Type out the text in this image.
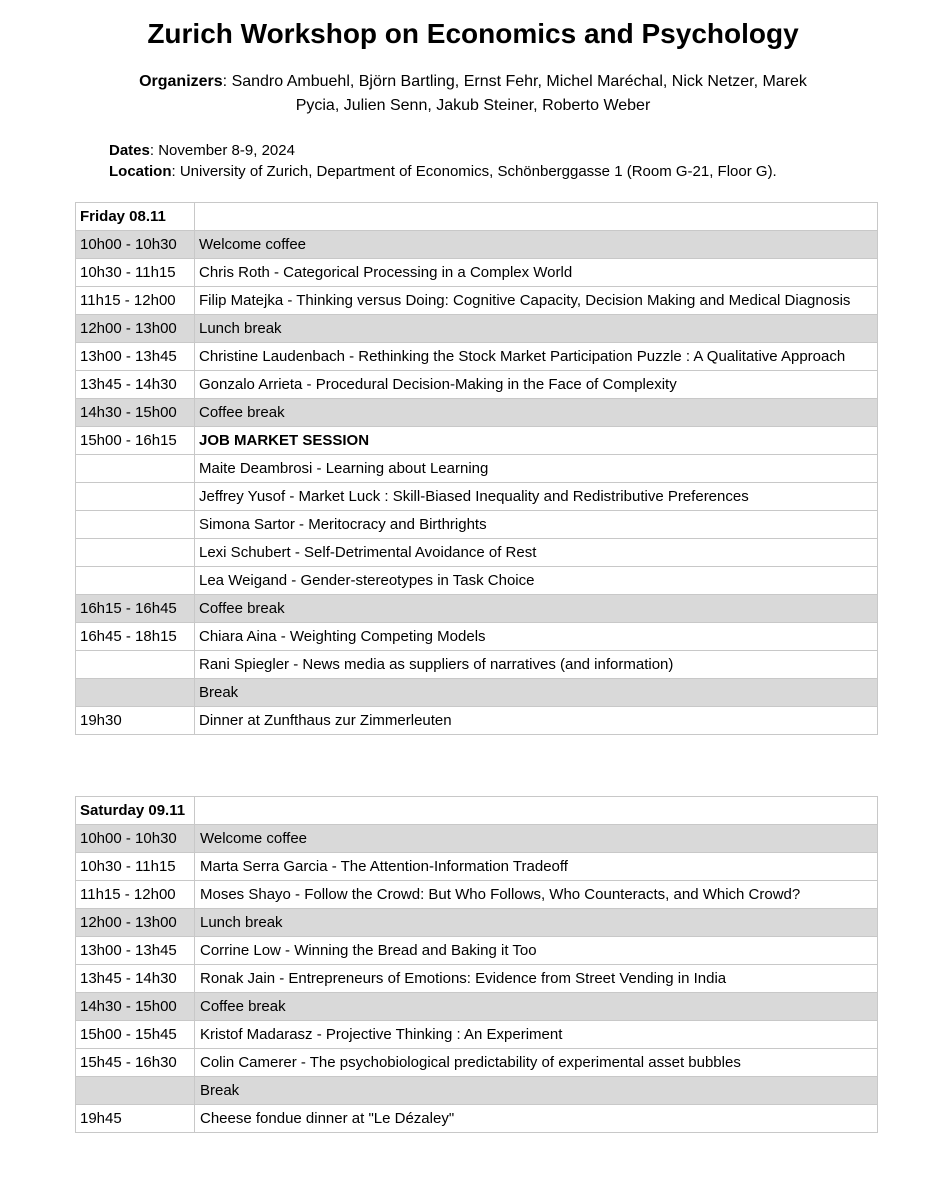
Zurich Workshop on Economics and Psychology
Organizers: Sandro Ambuehl, Björn Bartling, Ernst Fehr, Michel Maréchal, Nick Netzer, Marek Pycia, Julien Senn, Jakub Steiner, Roberto Weber
Dates: November 8-9, 2024
Location: University of Zurich, Department of Economics, Schönberggasse 1 (Room G-21, Floor G).
Friday 08.11	
10h00 - 10h30	Welcome coffee
10h30 - 11h15	Chris Roth - Categorical Processing in a Complex World
11h15 - 12h00	Filip Matejka - Thinking versus Doing: Cognitive Capacity, Decision Making and Medical Diagnosis
12h00 - 13h00	Lunch break
13h00 - 13h45	Christine Laudenbach - Rethinking the Stock Market Participation Puzzle : A Qualitative Approach
13h45 - 14h30	Gonzalo Arrieta - Procedural Decision-Making in the Face of Complexity
14h30 - 15h00	Coffee break
15h00 - 16h15	JOB MARKET SESSION
	Maite Deambrosi - Learning about Learning
	Jeffrey Yusof - Market Luck : Skill-Biased Inequality and Redistributive Preferences
	Simona Sartor - Meritocracy and Birthrights
	Lexi Schubert - Self-Detrimental Avoidance of Rest
	Lea Weigand - Gender-stereotypes in Task Choice
16h15 - 16h45	Coffee break
16h45 - 18h15	Chiara Aina - Weighting Competing Models
	Rani Spiegler - News media as suppliers of narratives (and information)
	Break
19h30	Dinner at Zunfthaus zur Zimmerleuten
Saturday 09.11	
10h00 - 10h30	Welcome coffee
10h30 - 11h15	Marta Serra Garcia - The Attention-Information Tradeoff
11h15 - 12h00	Moses Shayo - Follow the Crowd: But Who Follows, Who Counteracts, and Which Crowd?
12h00 - 13h00	Lunch break
13h00 - 13h45	Corrine Low - Winning the Bread and Baking it Too
13h45 - 14h30	Ronak Jain - Entrepreneurs of Emotions: Evidence from Street Vending in India
14h30 - 15h00	Coffee break
15h00 - 15h45	Kristof Madarasz - Projective Thinking : An Experiment
15h45 - 16h30	Colin Camerer - The psychobiological predictability of experimental asset bubbles
	Break
19h45	Cheese fondue dinner at "Le Dézaley"
